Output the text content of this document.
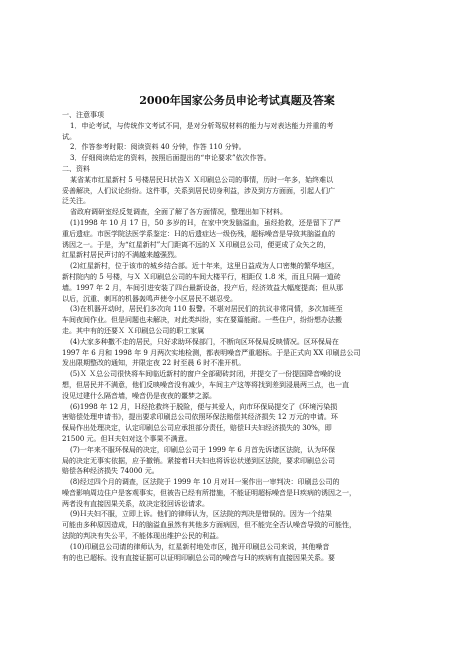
2000年国家公务员申论考试真题及答案
一、注意事项
1．申论考试，与传统作文考试不同，是对分析驾驭材料的能力与对表达能力并重的考
试。
2．作答参考时限：阅读资料 40 分钟，作答 110 分钟。
3．仔细阅读给定的资料，按照后面提出的“申论要求”依次作答。
二、资料
某省某市红星新村 5 号楼居民Ｈ状告Ｘ Ｘ印刷总公司的事情，历时一年多，始终难以
妥善解决，人们议论纷纷。这件事，关系到居民切身利益，涉及到方方面面，引起人们广
泛关注。
省政府调研室经反复调查，全面了解了各方面情况，整理出如下材料。
(1)1998 年 10 月 17 日，50 多岁的Ｈ，在家中突发脑溢血，虽经抢救，还是留下了严
重后遗症。市医学院法医学系鉴定：Ｈ的后遗症达一级伤残，超标噪音是导致其脑溢血的
诱因之一。于是，为“红星新村”大门距离不远的Ｘ Ｘ印刷总公司，便更成了众矢之的，
红星新村居民声讨的不满越来越强烈。
(2)红星新村，位于该市的城乡结合部。近十年来，这里日益成为人口密集的繁华地区，
新村院内的 5 号楼，与Ｘ Ｘ印刷总公司的车间大楼平行，相距仅 1.8 米，而且只隔一道砖
墙。1997 年 2 月，车间引进安装了四台最新设备，投产后，经济效益大幅度提高；但从那
以后，沉重、刺耳的机器轰鸣声使令小区居民不堪忍受。
(3)在机器开动时，居民们多次向 110 报警。不堪对居民们的抗议非常同情，多次加班至
车间夜间作业。但是问题也未解决，对此类纠纷，实在要篇能耐。一些住户，纷纷想办法搬
走。其中有的还要Ｘ Ｘ印刷总公司的职工家属
(4)大家多种撒不走的居民，只好求助环保部门，不断向区环保局反映情况。区环保局在
1997 年 6 月和 1998 年 9 月两次实地检测，都表明噪音严重超标。于是正式向 XX 印刷总公司
发出限期整改的通知，并限定夜 22 时至晨 6 时不准开机。
(5)Ｘ Ｘ总公司很快将车间临近新村的窗户全部砌砖封闭，并提交了一份提国降音噪的设
想，但居民并不满意，他们反映噪音没有减少，车间主产这等将找到差到浸晨两三点，也一直
没见过建什么隔音墙，噪音仍是夜夜的噩梦之源。
(6)1998 年 12 月，Ｈ经抢救终于脱险，便与其爱人，向市环保局提交了《环境污染损
害赔偿处理申请书》，提出要求印刷总公司依照环保法赔偿其经济损失 12 万元的申请。环
保局作出处理决定，认定印刷总公司应承担部分责任，赔偿Ｈ夫妇经济损失的 30%，即
21500 元。但Ｈ夫妇对这个事果不满意。
(7)一年来不服环保局的决定，印刷总公司于 1999 年 6 月首先诉诸区法院，认为环保
局的决定无事实依据，应予撤销。紧接着Ｈ夫妇也将诉讼状递到区法院，要求印刷总公司
赔偿各种经济损失 74000 元。
(8)经过四个月的调查，区法院于 1999 年 10 月对Ｈ一案作出一审判决：印刷总公司的
噪音影响周边住户是客观事实，但被告已经有所措施，不能证明超标噪音是Ｈ疾病的诱因之一，
两者没有直接因果关系，故决定驳回诉讼请求。
(9)Ｈ夫妇不服，立即上诉。他们的律师认为，区法院的判决是错误的。因为一个结果
可能由多种原因造成，Ｈ的脑溢血虽然有其他多方面病因，但不能完全否认噪音导致的可能性，
法院的判决有失公平，不能体现出维护公民的利益。
(10)印刷总公司请的律师认为，红星新村地处市区，抛开印刷总公司来说，其他噪音
有的也已超标。没有直接证据可以证明印刷总公司的噪音与Ｈ的疾病有直接因果关系。要
